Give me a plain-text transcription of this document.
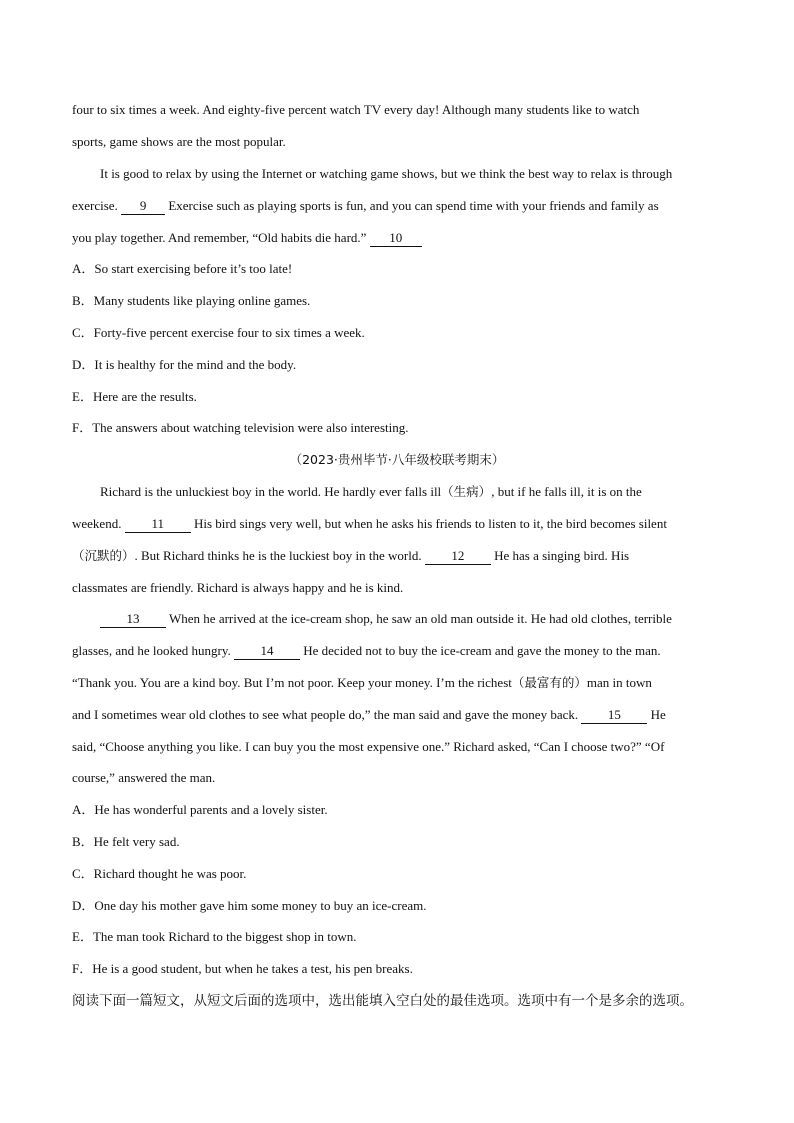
four to six times a week. And eighty-five percent watch TV every day! Although many students like to watch
sports, game shows are the most popular.
It is good to relax by using the Internet or watching game shows, but we think the best way to relax is through
exercise. 9 Exercise such as playing sports is fun, and you can spend time with your friends and family as
you play together. And remember, “Old habits die hard.” 10
A．So start exercising before it’s too late!
B．Many students like playing online games.
C．Forty-five percent exercise four to six times a week.
D．It is healthy for the mind and the body.
E．Here are the results.
F．The answers about watching television were also interesting.
（2023·贵州毕节·八年级校联考期末）
Richard is the unluckiest boy in the world. He hardly ever falls ill（生病）, but if he falls ill, it is on the
weekend. 11 His bird sings very well, but when he asks his friends to listen to it, the bird becomes silent
（沉默的）. But Richard thinks he is the luckiest boy in the world. 12 He has a singing bird. His
classmates are friendly. Richard is always happy and he is kind.
13 When he arrived at the ice-cream shop, he saw an old man outside it. He had old clothes, terrible
glasses, and he looked hungry. 14 He decided not to buy the ice-cream and gave the money to the man.
“Thank you. You are a kind boy. But I’m not poor. Keep your money. I’m the richest（最富有的）man in town
and I sometimes wear old clothes to see what people do,” the man said and gave the money back. 15 He
said, “Choose anything you like. I can buy you the most expensive one.” Richard asked, “Can I choose two?” “Of
course,” answered the man.
A．He has wonderful parents and a lovely sister.
B．He felt very sad.
C．Richard thought he was poor.
D．One day his mother gave him some money to buy an ice-cream.
E．The man took Richard to the biggest shop in town.
F．He is a good student, but when he takes a test, his pen breaks.
阅读下面一篇短文，从短文后面的选项中，选出能填入空白处的最佳选项。选项中有一个是多余的选项。
